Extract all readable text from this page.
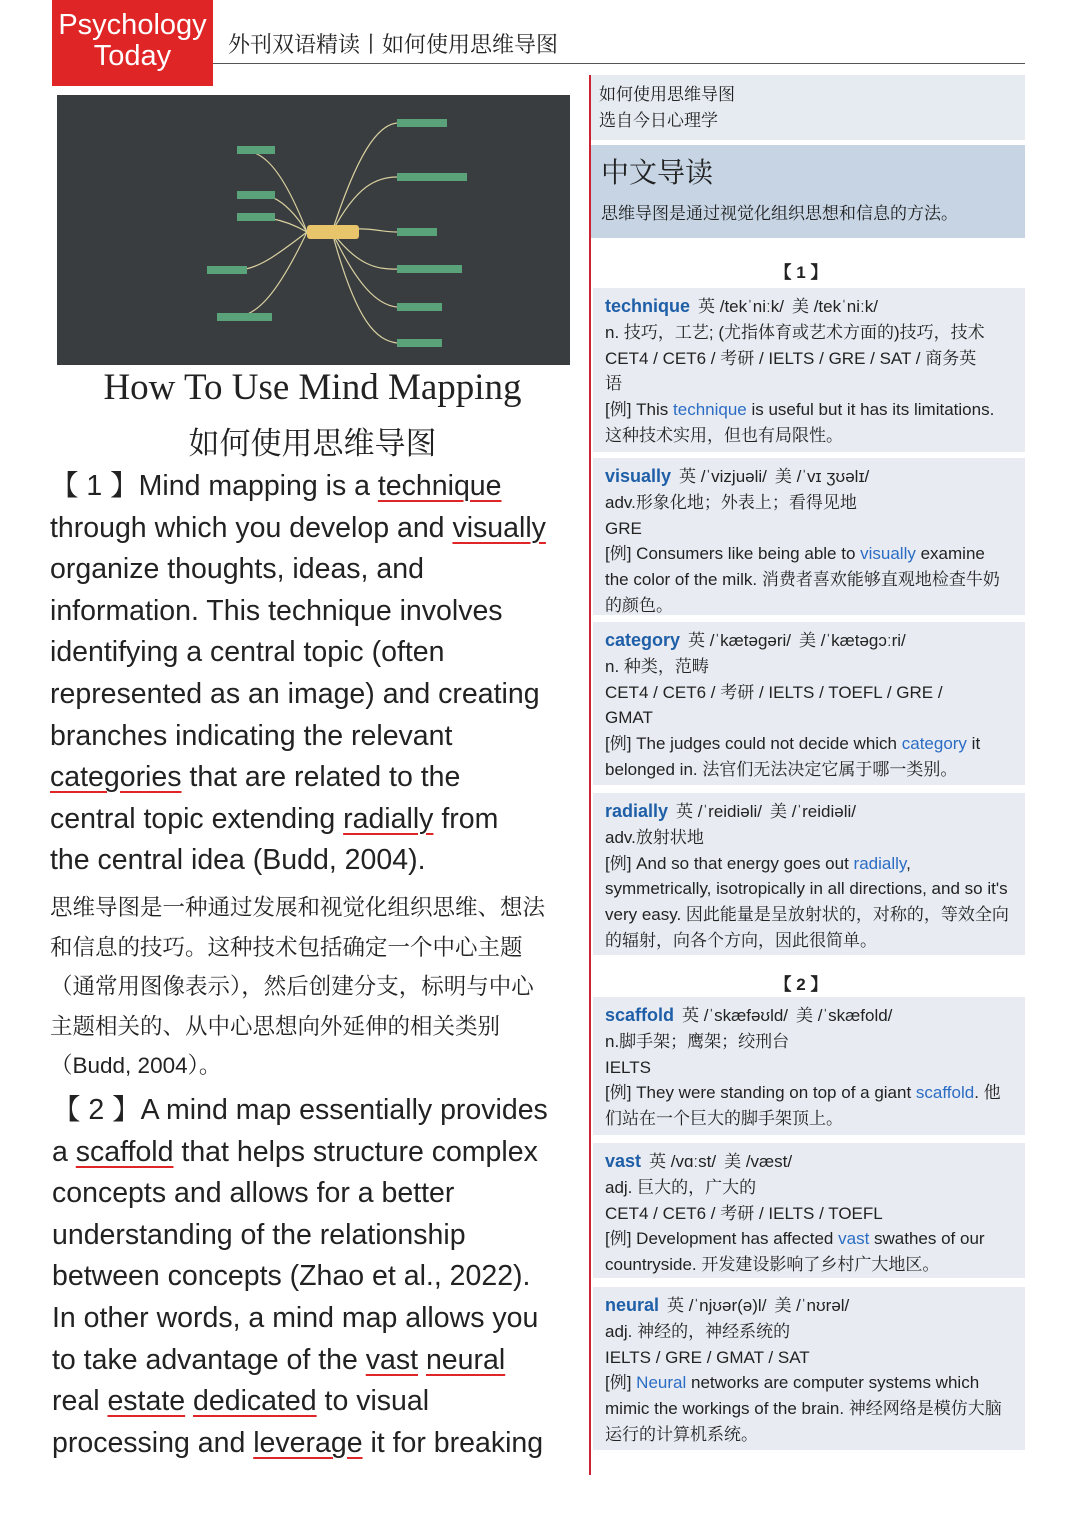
Psychology Today	外刊双语精读丨如何使用思维导图
How To Use Mind Mapping
如何使用思维导图
【 1 】Mind mapping is a technique
through which you develop and visually
organize thoughts, ideas, and
information. This technique involves
identifying a central topic (often
represented as an image) and creating
branches indicating the relevant
categories that are related to the
central topic extending radially from
the central idea (Budd, 2004).
思维导图是一种通过发展和视觉化组织思维、想法
和信息的技巧。这种技术包括确定一个中心主题
（通常用图像表示），然后创建分支，标明与中心
主题相关的、从中心思想向外延伸的相关类别
（Budd, 2004）。
【 2 】A mind map essentially provides
a scaffold that helps structure complex
concepts and allows for a better
understanding of the relationship
between concepts (Zhao et al., 2022).
In other words, a mind map allows you
to take advantage of the vast neural
real estate dedicated to visual
processing and leverage it for breaking
如何使用思维导图
选自今日心理学
中文导读

思维导图是通过视觉化组织思想和信息的方法。

【 1 】
【 2 】
technique 英 /tekˈniːk/ 美 /tekˈniːk/
n. 技巧，工艺; (尤指体育或艺术方面的)技巧，技术
CET4 / CET6 / 考研 / IELTS / GRE / SAT / 商务英
语
[例] This technique is useful but it has its limitations. 这种技术实用，但也有局限性。
visually 英 /ˈvizjuəli/ 美 /ˈvɪ ʒʊəlɪ/
adv.形象化地；外表上；看得见地
GRE
[例] Consumers like being able to visually examine the color of the milk. 消费者喜欢能够直观地检查牛奶的颜色。
category 英 /ˈkætəgəri/ 美 /ˈkætəgɔːri/
n. 种类，范畴
CET4 / CET6 / 考研 / IELTS / TOEFL / GRE /
GMAT
[例] The judges could not decide which category it belonged in. 法官们无法决定它属于哪一类别。
radially 英 /ˈreidiəli/ 美 /ˈreidiəli/
adv.放射状地
[例] And so that energy goes out radially, symmetrically, isotropically in all directions, and so it's very easy. 因此能量是呈放射状的，对称的，等效全向的辐射，向各个方向，因此很简单。
scaffold 英 /ˈskæfəʊld/ 美 /ˈskæfold/
n.脚手架；鹰架；绞刑台
IELTS
[例] They were standing on top of a giant scaffold. 他们站在一个巨大的脚手架顶上。
vast 英 /vɑːst/ 美 /væst/
adj. 巨大的，广大的
CET4 / CET6 / 考研 / IELTS / TOEFL
[例] Development has affected vast swathes of our countryside. 开发建设影响了乡村广大地区。
neural 英 /ˈnjʊər(ə)l/ 美 /ˈnʊrəl/
adj. 神经的，神经系统的
IELTS / GRE / GMAT / SAT
[例] Neural networks are computer systems which mimic the workings of the brain. 神经网络是模仿大脑运行的计算机系统。
